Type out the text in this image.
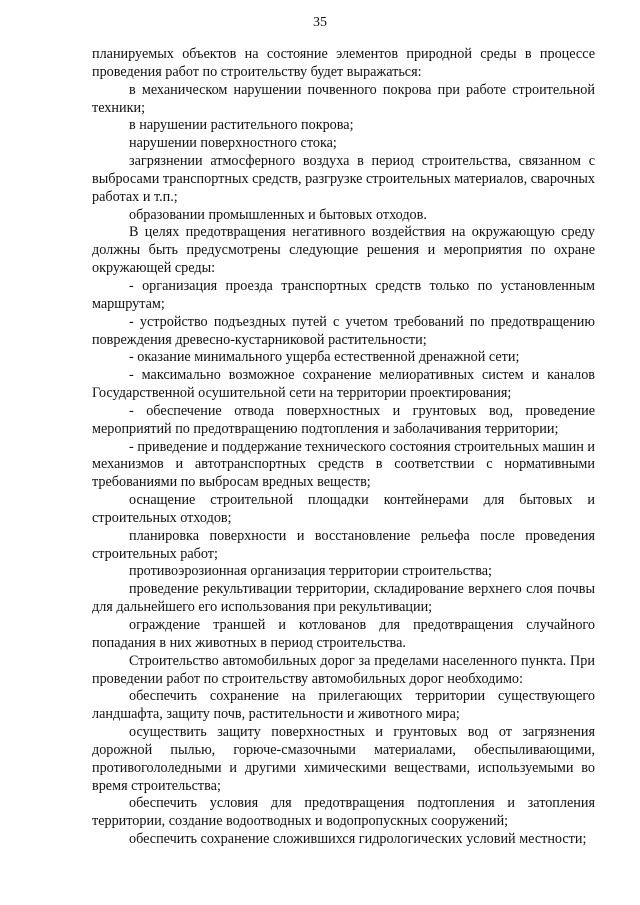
35

планируемых объектов на состояние элементов природной среды в процессе проведения работ по строительству будет выражаться:

в механическом нарушении почвенного покрова при работе строительной техники;

в нарушении растительного покрова;

нарушении поверхностного стока;

загрязнении атмосферного воздуха в период строительства, связанном с выбросами транспортных средств, разгрузке строительных материалов, сварочных работах и т.п.;

образовании промышленных и бытовых отходов.

В целях предотвращения негативного воздействия на окружающую среду должны быть предусмотрены следующие решения и мероприятия по охране окружающей среды:

- организация проезда транспортных средств только по установленным маршрутам;

- устройство подъездных путей с учетом требований по предотвращению повреждения древесно-кустарниковой растительности;

- оказание минимального ущерба естественной дренажной сети;

- максимально возможное сохранение мелиоративных систем и каналов Государственной осушительной сети на территории проектирования;

- обеспечение отвода поверхностных и грунтовых вод, проведение мероприятий по предотвращению подтопления и заболачивания территории;

- приведение и поддержание технического состояния строительных машин и механизмов и автотранспортных средств в соответствии с нормативными требованиями по выбросам вредных веществ;

оснащение строительной площадки контейнерами для бытовых и строительных отходов;

планировка поверхности и восстановление рельефа после проведения строительных работ;

противоэрозионная организация территории строительства;

проведение рекультивации территории, складирование верхнего слоя почвы для дальнейшего его использования при рекультивации;

ограждение траншей и котлованов для предотвращения случайного попадания в них животных в период строительства.

Строительство автомобильных дорог за пределами населенного пункта. При проведении работ по строительству автомобильных дорог необходимо:

обеспечить сохранение на прилегающих территории существующего ландшафта, защиту почв, растительности и животного мира;

осуществить защиту поверхностных и грунтовых вод от загрязнения дорожной пылью, горюче-смазочными материалами, обеспыливающими, противогололедными и другими химическими веществами, используемыми во время строительства;

обеспечить условия для предотвращения подтопления и затопления территории, создание водоотводных и водопропускных сооружений;

обеспечить сохранение сложившихся гидрологических условий местности;
